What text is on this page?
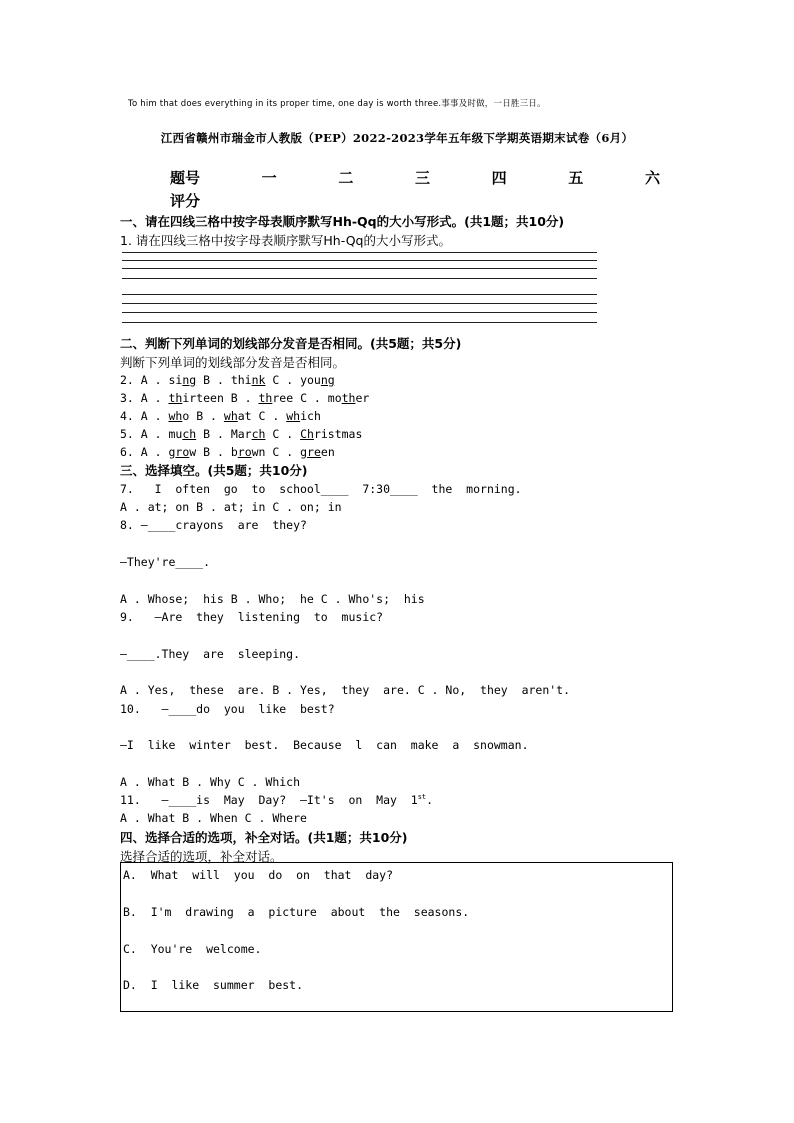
To him that does everything in its proper time, one day is worth three.事事及时做，一日胜三日。
江西省赣州市瑞金市人教版（PEP）2022-2023学年五年级下学期英语期末试卷（6月）
题号	一	二	三	四	五	六
评分
一、请在四线三格中按字母表顺序默写Hh-Qq的大小写形式。(共1题；共10分)
1. 请在四线三格中按字母表顺序默写Hh-Qq的大小写形式。
二、判断下列单词的划线部分发音是否相同。(共5题；共5分)
判断下列单词的划线部分发音是否相同。
2. A . sing B . think C . young
3. A . thirteen B . three C . mother
4. A . who B . what C . which
5. A . much B . March C . Christmas
6. A . grow B . brown C . green
三、选择填空。(共5题；共10分)
7.   I  often  go  to  school____  7:30____  the  morning.
A . at; on B . at; in C . on; in
8. —____crayons  are  they?
—They're____.
A . Whose;  his B . Who;  he C . Who's;  his
9.   —Are  they  listening  to  music?
—____.They  are  sleeping.
A . Yes,  these  are. B . Yes,  they  are. C . No,  they  aren't.
10.   —____do  you  like  best?
—I  like  winter  best.  Because  l  can  make  a  snowman.
A . What B . Why C . Which
11.   —____is  May  Day?  —It's  on  May  1st.
A . What B . When C . Where
四、选择合适的选项，补全对话。(共1题；共10分)
选择合适的选项，补全对话。
A.  What  will  you  do  on  that  day?
B.  I'm  drawing  a  picture  about  the  seasons.
C.  You're  welcome.
D.  I  like  summer  best.
